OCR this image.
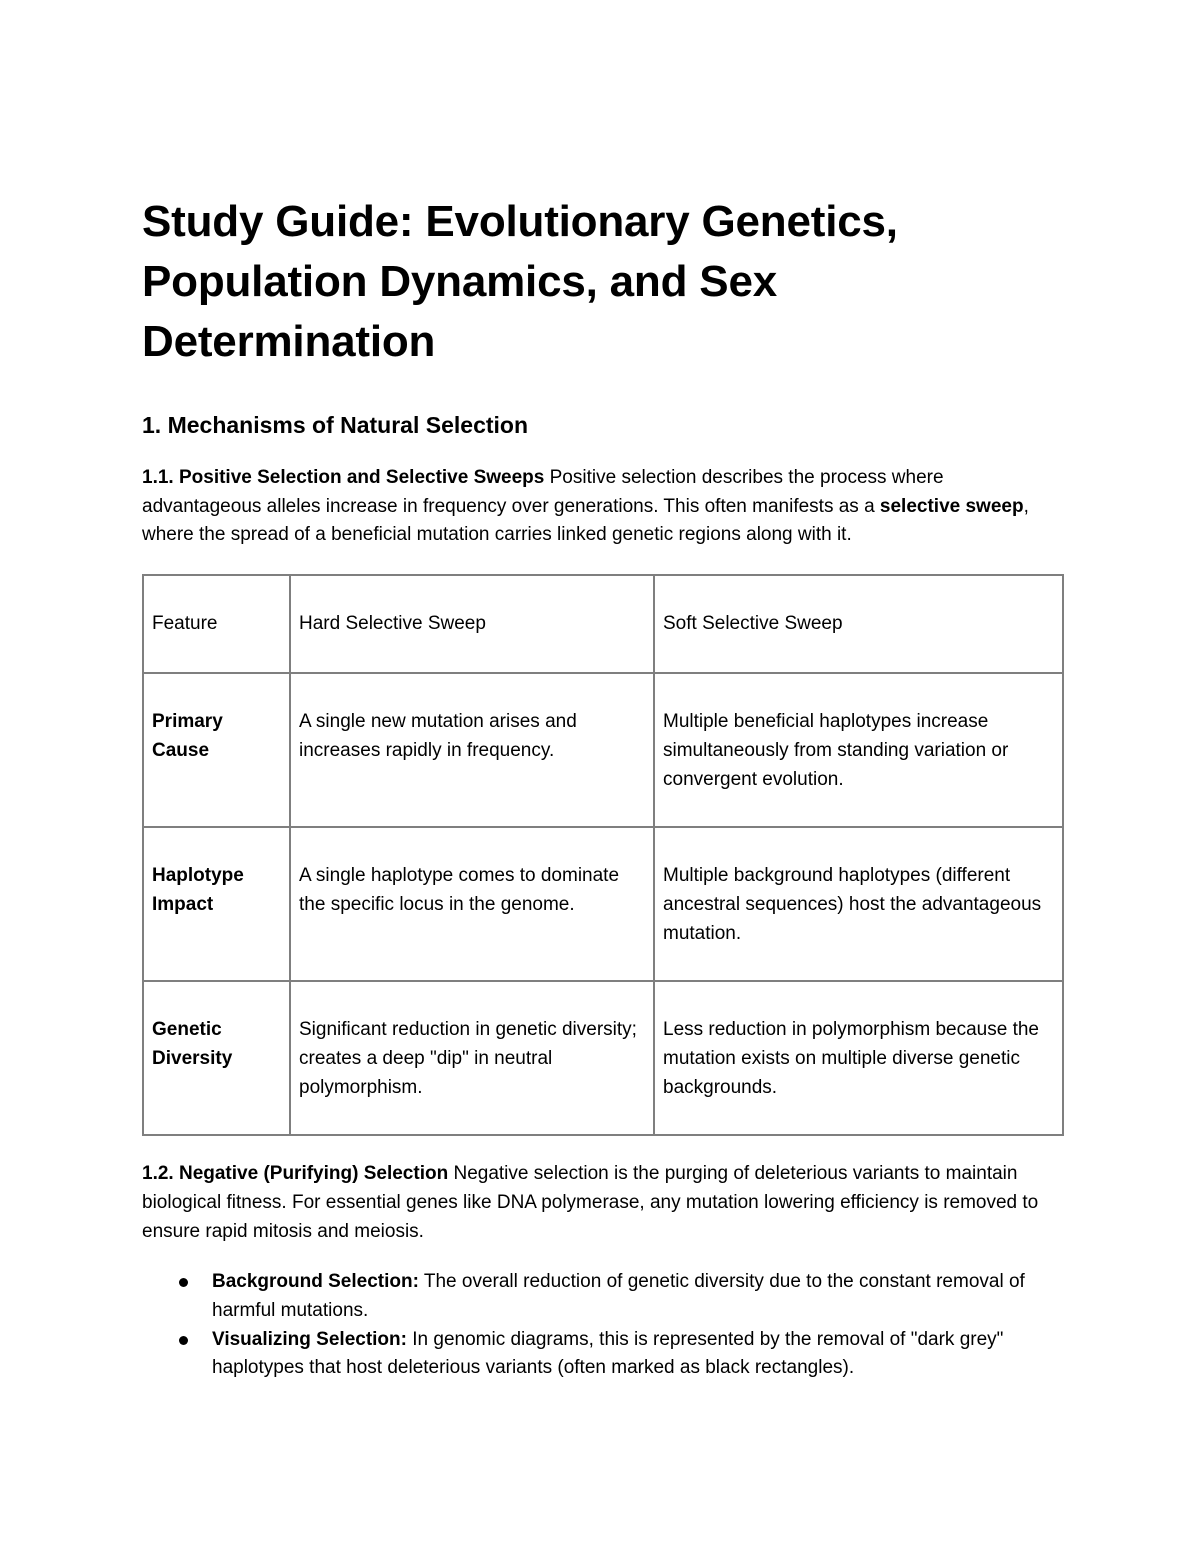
Study Guide: Evolutionary Genetics, Population Dynamics, and Sex Determination
1. Mechanisms of Natural Selection

1.1. Positive Selection and Selective Sweeps Positive selection describes the process where advantageous alleles increase in frequency over generations. This often manifests as a selective sweep, where the spread of a beneficial mutation carries linked genetic regions along with it.

Feature	Hard Selective Sweep	Soft Selective Sweep
Primary Cause	A single new mutation arises and increases rapidly in frequency.	Multiple beneficial haplotypes increase simultaneously from standing variation or convergent evolution.
Haplotype Impact	A single haplotype comes to dominate the specific locus in the genome.	Multiple background haplotypes (different ancestral sequences) host the advantageous mutation.
Genetic Diversity	Significant reduction in genetic diversity; creates a deep "dip" in neutral polymorphism.	Less reduction in polymorphism because the mutation exists on multiple diverse genetic backgrounds.

1.2. Negative (Purifying) Selection Negative selection is the purging of deleterious variants to maintain biological fitness. For essential genes like DNA polymerase, any mutation lowering efficiency is removed to ensure rapid mitosis and meiosis.

Background Selection: The overall reduction of genetic diversity due to the constant removal of harmful mutations.
Visualizing Selection: In genomic diagrams, this is represented by the removal of "dark grey" haplotypes that host deleterious variants (often marked as black rectangles).
